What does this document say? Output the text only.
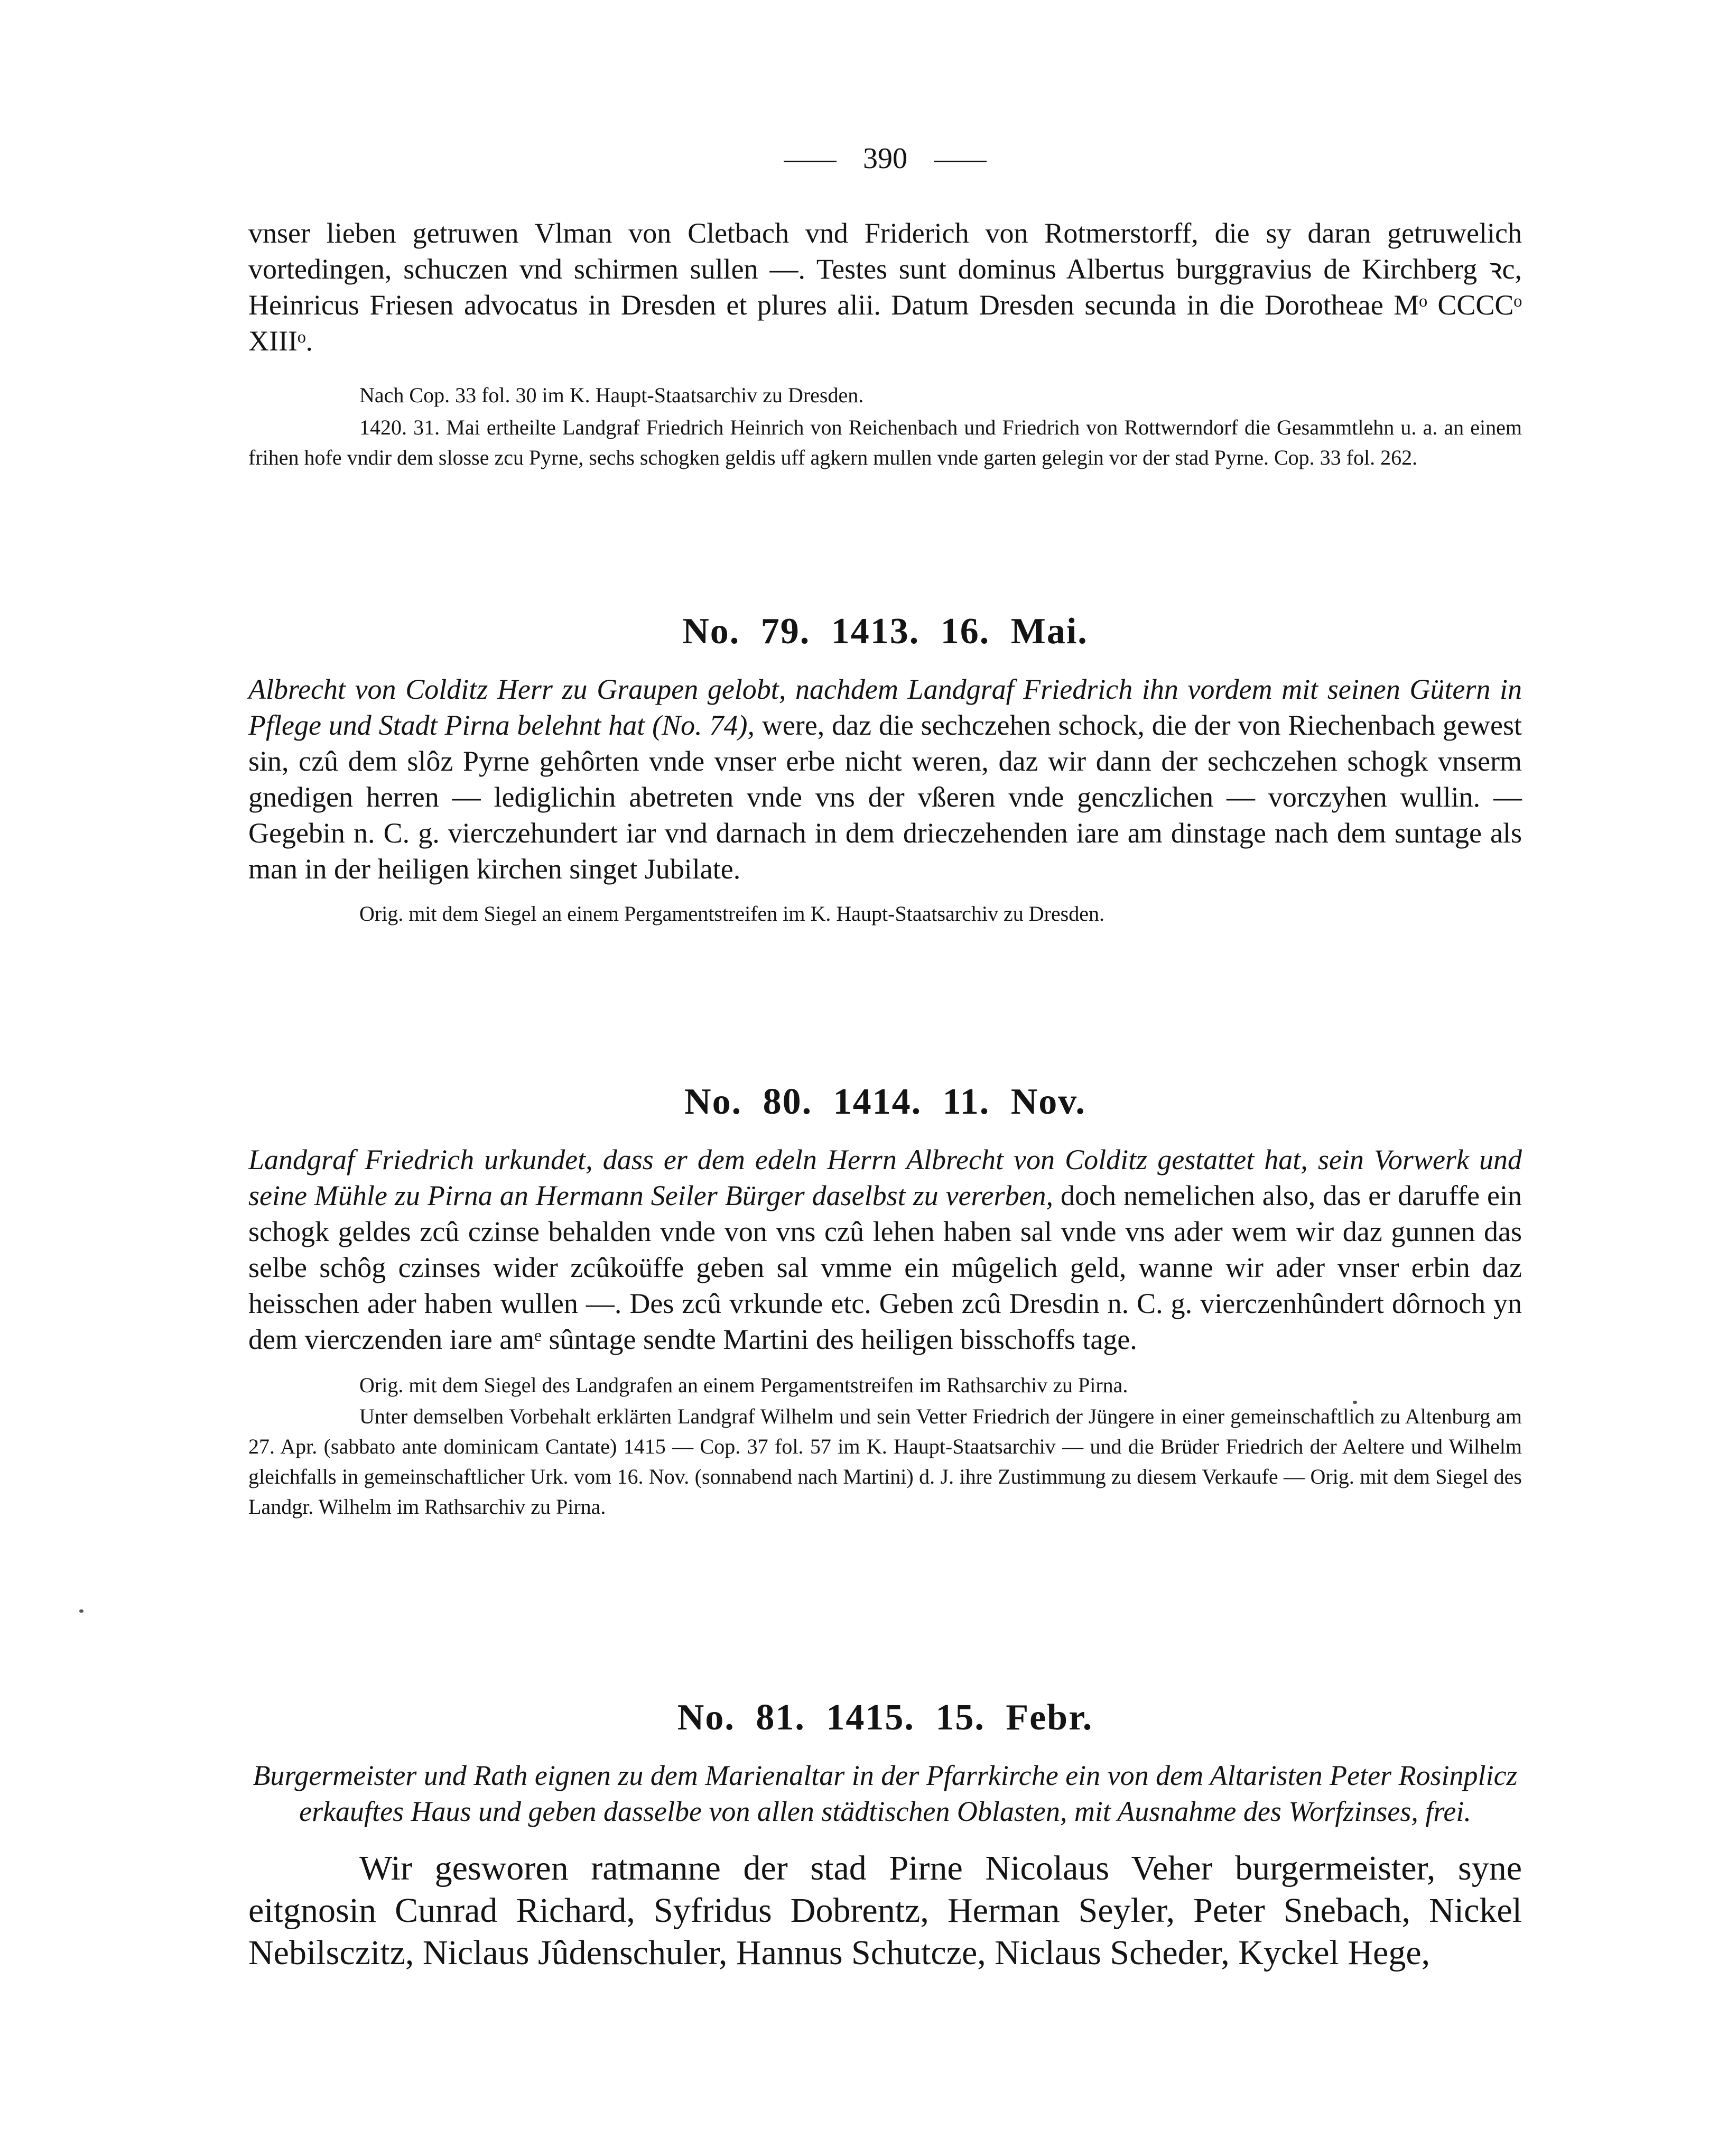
390

vnser lieben getruwen Vlman von Cletbach vnd Friderich von Rotmerstorff, die sy daran getruwelich vortedingen, schuczen vnd schirmen sullen —. Testes sunt dominus Albertus burggravius de Kirchberg ꝛc, Heinricus Friesen advocatus in Dresden et plures alii. Datum Dresden secunda in die Dorotheae Mᵒ CCCCᵒ XIIIᵒ.

Nach Cop. 33 fol. 30 im K. Haupt-Staatsarchiv zu Dresden.

1420. 31. Mai ertheilte Landgraf Friedrich Heinrich von Reichenbach und Friedrich von Rottwerndorf die Gesammtlehn u. a. an einem frihen hofe vndir dem slosse zcu Pyrne, sechs schogken geldis uff agkern mullen vnde garten gelegin vor der stad Pyrne. Cop. 33 fol. 262.

No. 79. 1413. 16. Mai.

Albrecht von Colditz Herr zu Graupen gelobt, nachdem Landgraf Friedrich ihn vordem mit seinen Gütern in Pflege und Stadt Pirna belehnt hat (No. 74), were, daz die sechczehen schock, die der von Riechenbach gewest sin, czû dem slôz Pyrne gehôrten vnde vnser erbe nicht weren, daz wir dann der sechczehen schogk vnserm gnedigen herren — lediglichin abetreten vnde vns der vßeren vnde genczlichen — vorczyhen wullin. — Gegebin n. C. g. vierczehundert iar vnd darnach in dem drieczehenden iare am dinstage nach dem suntage als man in der heiligen kirchen singet Jubilate.

Orig. mit dem Siegel an einem Pergamentstreifen im K. Haupt-Staatsarchiv zu Dresden.

No. 80. 1414. 11. Nov.

Landgraf Friedrich urkundet, dass er dem edeln Herrn Albrecht von Colditz gestattet hat, sein Vorwerk und seine Mühle zu Pirna an Hermann Seiler Bürger daselbst zu vererben, doch nemelichen also, das er daruffe ein schogk geldes zcû czinse behalden vnde von vns czû lehen haben sal vnde vns ader wem wir daz gunnen das selbe schôg czinses wider zcûkoüffe geben sal vmme ein mûgelich geld, wanne wir ader vnser erbin daz heisschen ader haben wullen —. Des zcû vrkunde etc. Geben zcû Dresdin n. C. g. vierczenhûndert dôrnoch yn dem vierczenden iare amᵉ sûntage sendte Martini des heiligen bisschoffs tage.

Orig. mit dem Siegel des Landgrafen an einem Pergamentstreifen im Rathsarchiv zu Pirna.

Unter demselben Vorbehalt erklärten Landgraf Wilhelm und sein Vetter Friedrich der Jüngere in einer gemeinschaftlich zu Altenburg am 27. Apr. (sabbato ante dominicam Cantate) 1415 — Cop. 37 fol. 57 im K. Haupt-Staatsarchiv — und die Brüder Friedrich der Aeltere und Wilhelm gleichfalls in gemeinschaftlicher Urk. vom 16. Nov. (sonnabend nach Martini) d. J. ihre Zustimmung zu diesem Verkaufe — Orig. mit dem Siegel des Landgr. Wilhelm im Rathsarchiv zu Pirna.

No. 81. 1415. 15. Febr.

Burgermeister und Rath eignen zu dem Marienaltar in der Pfarrkirche ein von dem Altaristen Peter Rosinplicz erkauftes Haus und geben dasselbe von allen städtischen Oblasten, mit Ausnahme des Worfzinses, frei.

Wir gesworen ratmanne der stad Pirne Nicolaus Veher burgermeister, syne eitgnosin Cunrad Richard, Syfridus Dobrentz, Herman Seyler, Peter Snebach, Nickel Nebilsczitz, Niclaus Jûdenschuler, Hannus Schutcze, Niclaus Scheder, Kyckel Hege,
